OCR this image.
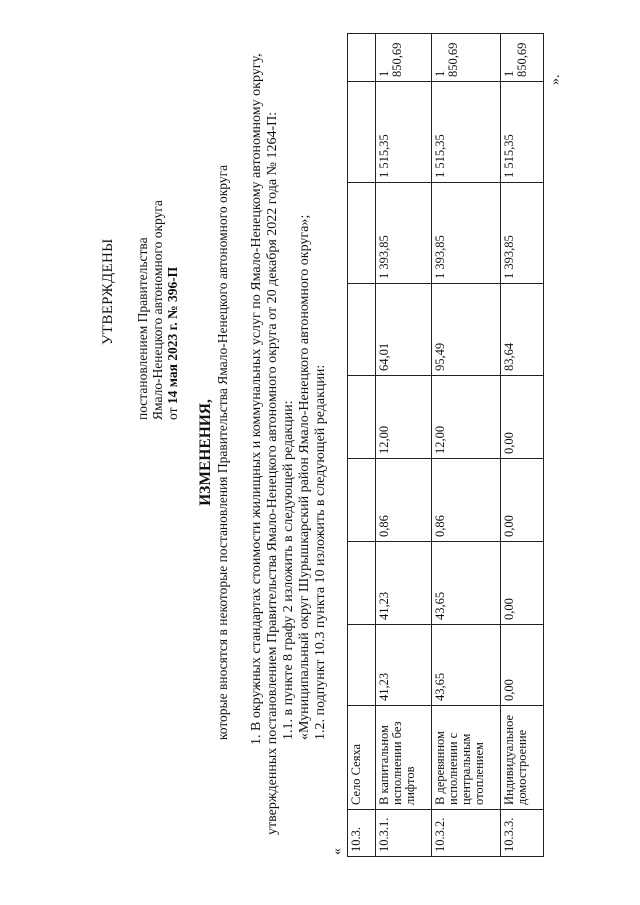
УТВЕРЖДЕНЫ постановлением Правительства Ямало-Ненецкого автономного округа от 14 мая 2023 г. № 396-П
ИЗМЕНЕНИЯ, которые вносятся в некоторые постановления Правительства Ямало-Ненецкого автономного округа 1. В окружных стандартах стоимости жилищных и коммунальных услуг по Ямало-Ненецкому автономному округу, утвержденных постановлением Правительства Ямало-Ненецкого автономного округа от 20 декабря 2022 года № 1264-П: 1.1. в пункте 8 графу 2 изложить в следующей редакции: «Муниципальный округ Шурышкарский район Ямало-Ненецкого автономного округа»; 1.2. подпункт 10.3 пункта 10 изложить в следующей редакции:
« 10.3.	Село Сеяха								
10.3.1.	В капитальном исполнении без лифтов	41,23	41,23	0,86	12,00	64,01	1 393,85	1 515,35	1 850,69
10.3.2.	В деревянном исполнении с центральным отоплением	43,65	43,65	0,86	12,00	95,49	1 393,85	1 515,35	1 850,69
10.3.3.	Индивидуальное домостроение	0,00	0,00	0,00	0,00	83,64	1 393,85	1 515,35	1 850,69
».
